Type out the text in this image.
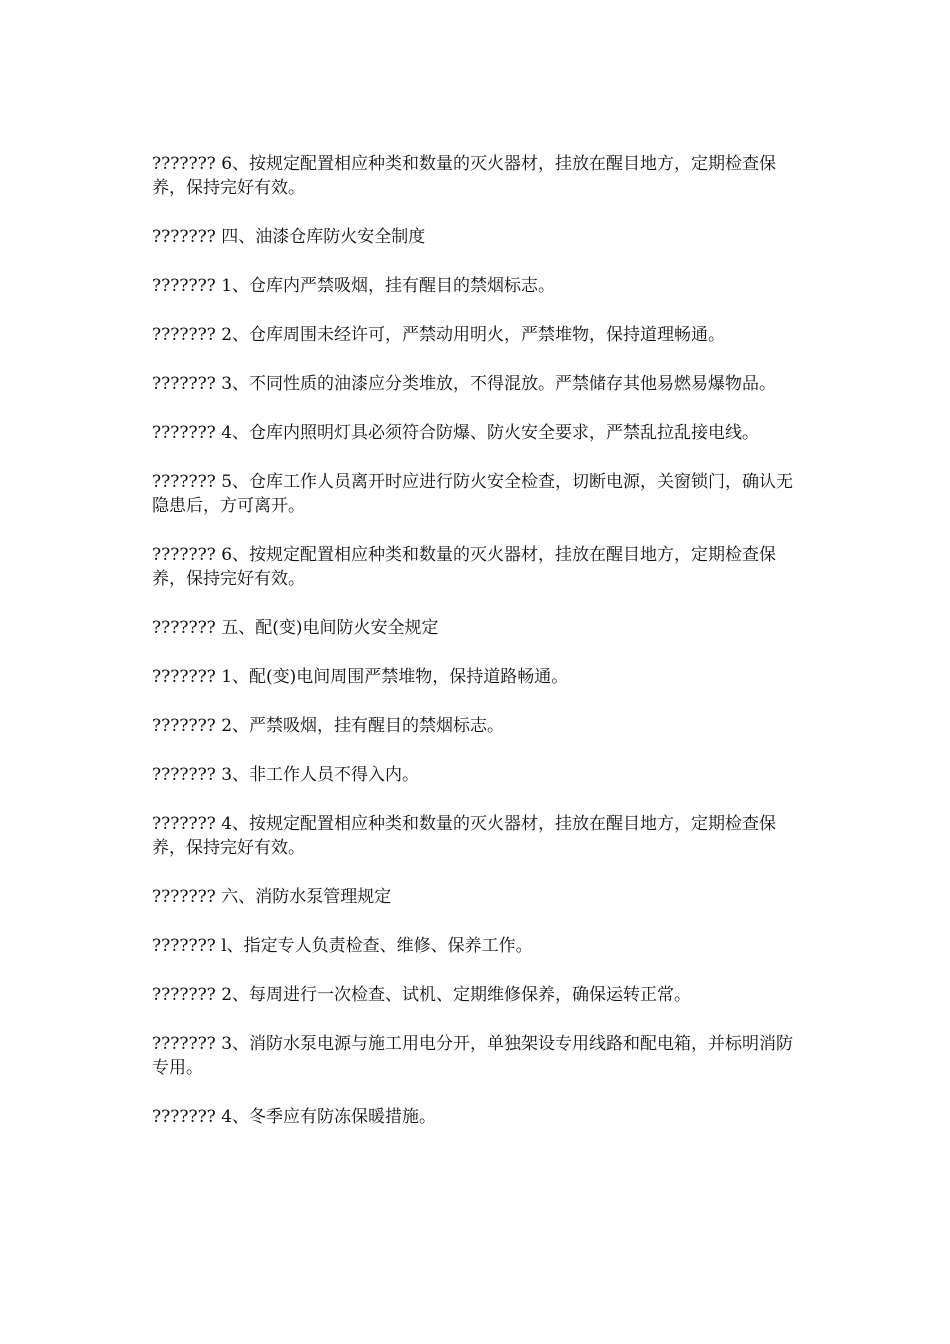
??????? 6、按规定配置相应种类和数量的灭火器材，挂放在醒目地方，定期检查保养，保持完好有效。

??????? 四、油漆仓库防火安全制度

??????? 1、仓库内严禁吸烟，挂有醒目的禁烟标志。

??????? 2、仓库周围未经许可，严禁动用明火，严禁堆物，保持道理畅通。

??????? 3、不同性质的油漆应分类堆放，不得混放。严禁储存其他易燃易爆物品。

??????? 4、仓库内照明灯具必须符合防爆、防火安全要求，严禁乱拉乱接电线。

??????? 5、仓库工作人员离开时应进行防火安全检查，切断电源，关窗锁门，确认无隐患后，方可离开。

??????? 6、按规定配置相应种类和数量的灭火器材，挂放在醒目地方，定期检查保养，保持完好有效。

??????? 五、配(变)电间防火安全规定

??????? 1、配(变)电间周围严禁堆物，保持道路畅通。

??????? 2、严禁吸烟，挂有醒目的禁烟标志。

??????? 3、非工作人员不得入内。

??????? 4、按规定配置相应种类和数量的灭火器材，挂放在醒目地方，定期检查保养，保持完好有效。

??????? 六、消防水泵管理规定

??????? l、指定专人负责检查、维修、保养工作。

??????? 2、每周进行一次检查、试机、定期维修保养，确保运转正常。

??????? 3、消防水泵电源与施工用电分开，单独架设专用线路和配电箱，并标明消防专用。

??????? 4、冬季应有防冻保暖措施。
